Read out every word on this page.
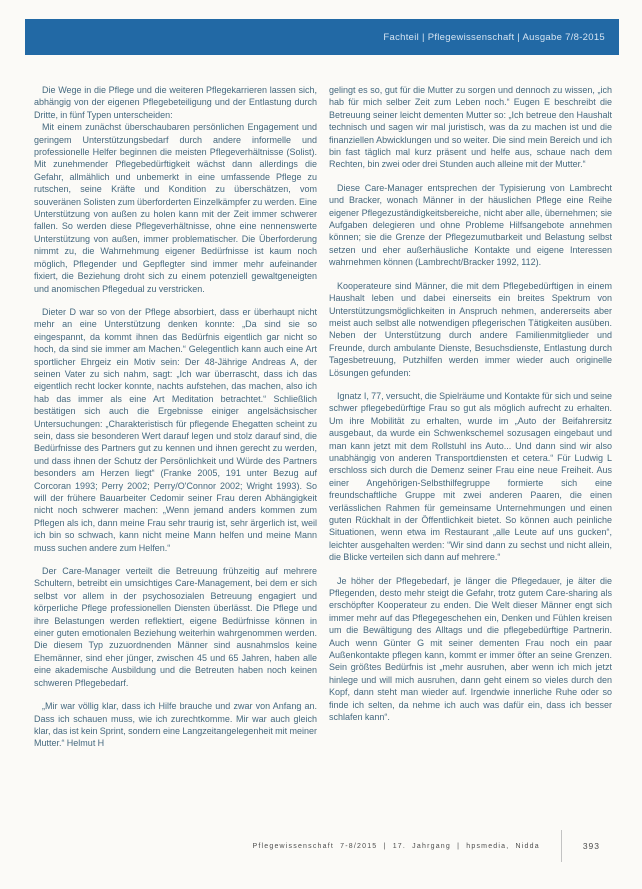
Fachteil | Pflegewissenschaft | Ausgabe 7/8-2015

Die Wege in die Pflege und die weiteren Pflegekarrieren lassen sich, abhängig von der eigenen Pflegebeteiligung und der Entlastung durch Dritte, in fünf Typen unterscheiden:

Mit einem zunächst überschaubaren persönlichen Engagement und geringem Unterstützungsbedarf durch andere informelle und professionelle Helfer beginnen die meisten Pflegeverhältnisse (Solist). Mit zunehmender Pflegebedürftigkeit wächst dann allerdings die Gefahr, allmählich und unbemerkt in eine umfassende Pflege zu rutschen, seine Kräfte und Kondition zu überschätzen, vom souveränen Solisten zum überforderten Einzelkämpfer zu werden. Eine Unterstützung von außen zu holen kann mit der Zeit immer schwerer fallen. So werden diese Pflegeverhältnisse, ohne eine nennenswerte Unterstützung von außen, immer problematischer. Die Überforderung nimmt zu, die Wahrnehmung eigener Bedürfnisse ist kaum noch möglich, Pflegender und Gepflegter sind immer mehr aufeinander fixiert, die Beziehung droht sich zu einem potenziell gewaltgeneigten und anomischen Pflegedual zu verstricken.

Dieter D war so von der Pflege absorbiert, dass er überhaupt nicht mehr an eine Unterstützung denken konnte: „Da sind sie so eingespannt, da kommt ihnen das Bedürfnis eigentlich gar nicht so hoch, da sind sie immer am Machen.“ Gelegentlich kann auch eine Art sportlicher Ehrgeiz ein Motiv sein: Der 48-Jährige Andreas A, der seinen Vater zu sich nahm, sagt: „Ich war überrascht, dass ich das eigentlich recht locker konnte, nachts aufstehen, das machen, also ich hab das immer als eine Art Meditation betrachtet.“ Schließlich bestätigen sich auch die Ergebnisse einiger angelsächsischer Untersuchungen: „Charakteristisch für pflegende Ehegatten scheint zu sein, dass sie besonderen Wert darauf legen und stolz darauf sind, die Bedürfnisse des Partners gut zu kennen und ihnen gerecht zu werden, und dass ihnen der Schutz der Persönlichkeit und Würde des Partners besonders am Herzen liegt“ (Franke 2005, 191 unter Bezug auf Corcoran 1993; Perry 2002; Perry/O'Connor 2002; Wright 1993). So will der frühere Bauarbeiter Cedomir seiner Frau deren Abhängigkeit nicht noch schwerer machen: „Wenn jemand anders kommen zum Pflegen als ich, dann meine Frau sehr traurig ist, sehr ärgerlich ist, weil ich bin so schwach, kann nicht meine Mann helfen und meine Mann muss suchen andere zum Helfen.“

Der Care-Manager verteilt die Betreuung frühzeitig auf mehrere Schultern, betreibt ein umsichtiges Care-Management, bei dem er sich selbst vor allem in der psychosozialen Betreuung engagiert und körperliche Pflege professionellen Diensten überlässt. Die Pflege und ihre Belastungen werden reflektiert, eigene Bedürfnisse können in einer guten emotionalen Beziehung weiterhin wahrgenommen werden. Die diesem Typ zuzuordnenden Männer sind ausnahmslos keine Ehemänner, sind eher jünger, zwischen 45 und 65 Jahren, haben alle eine akademische Ausbildung und die Betreuten haben noch keinen schweren Pflegebedarf.

„Mir war völlig klar, dass ich Hilfe brauche und zwar von Anfang an. Dass ich schauen muss, wie ich zurechtkomme. Mir war auch gleich klar, das ist kein Sprint, sondern eine Langzeitangelegenheit mit meiner Mutter.“ Helmut H

gelingt es so, gut für die Mutter zu sorgen und dennoch zu wissen, „ich hab für mich selber Zeit zum Leben noch.“ Eugen E beschreibt die Betreuung seiner leicht dementen Mutter so: „Ich betreue den Haushalt technisch und sagen wir mal juristisch, was da zu machen ist und die finanziellen Abwicklungen und so weiter. Die sind mein Bereich und ich bin fast täglich mal kurz präsent und helfe aus, schaue nach dem Rechten, bin zwei oder drei Stunden auch alleine mit der Mutter.“

Diese Care-Manager entsprechen der Typisierung von Lambrecht und Bracker, wonach Männer in der häuslichen Pflege eine Reihe eigener Pflegezuständigkeitsbereiche, nicht aber alle, übernehmen; sie Aufgaben delegieren und ohne Probleme Hilfsangebote annehmen können; sie die Grenze der Pflegezumutbarkeit und Belastung selbst setzen und eher außerhäusliche Kontakte und eigene Interessen wahrnehmen können (Lambrecht/Bracker 1992, 112).

Kooperateure sind Männer, die mit dem Pflegebedürftigen in einem Haushalt leben und dabei einerseits ein breites Spektrum von Unterstützungsmöglichkeiten in Anspruch nehmen, andererseits aber meist auch selbst alle notwendigen pflegerischen Tätigkeiten ausüben. Neben der Unterstützung durch andere Familienmitglieder und Freunde, durch ambulante Dienste, Besuchsdienste, Entlastung durch Tagesbetreuung, Putzhilfen werden immer wieder auch originelle Lösungen gefunden:

Ignatz I, 77, versucht, die Spielräume und Kontakte für sich und seine schwer pflegebedürftige Frau so gut als möglich aufrecht zu erhalten. Um ihre Mobilität zu erhalten, wurde im „Auto der Beifahrersitz ausgebaut, da wurde ein Schwenkschemel sozusagen eingebaut und man kann jetzt mit dem Rollstuhl ins Auto... Und dann sind wir also unabhängig von anderen Transportdiensten et cetera.“ Für Ludwig L erschloss sich durch die Demenz seiner Frau eine neue Freiheit. Aus einer Angehörigen-Selbsthilfegruppe formierte sich eine freundschaftliche Gruppe mit zwei anderen Paaren, die einen verlässlichen Rahmen für gemeinsame Unternehmungen und einen guten Rückhalt in der Öffentlichkeit bietet. So können auch peinliche Situationen, wenn etwa im Restaurant „alle Leute auf uns gucken“, leichter ausgehalten werden: “Wir sind dann zu sechst und nicht allein, die Blicke verteilen sich dann auf mehrere.“

Je höher der Pflegebedarf, je länger die Pflegedauer, je älter die Pflegenden, desto mehr steigt die Gefahr, trotz gutem Care-sharing als erschöpfter Kooperateur zu enden. Die Welt dieser Männer engt sich immer mehr auf das Pflegegeschehen ein, Denken und Fühlen kreisen um die Bewältigung des Alltags und die pflegebedürftige Partnerin. Auch wenn Günter G mit seiner dementen Frau noch ein paar Außenkontakte pflegen kann, kommt er immer öfter an seine Grenzen. Sein größtes Bedürfnis ist „mehr ausruhen, aber wenn ich mich jetzt hinlege und will mich ausruhen, dann geht einem so vieles durch den Kopf, dann steht man wieder auf. Irgendwie innerliche Ruhe oder so finde ich selten, da nehme ich auch was dafür ein, dass ich besser schlafen kann“.

Pflegewissenschaft 7-8/2015 | 17. Jahrgang | hpsmedia, Nidda	393
